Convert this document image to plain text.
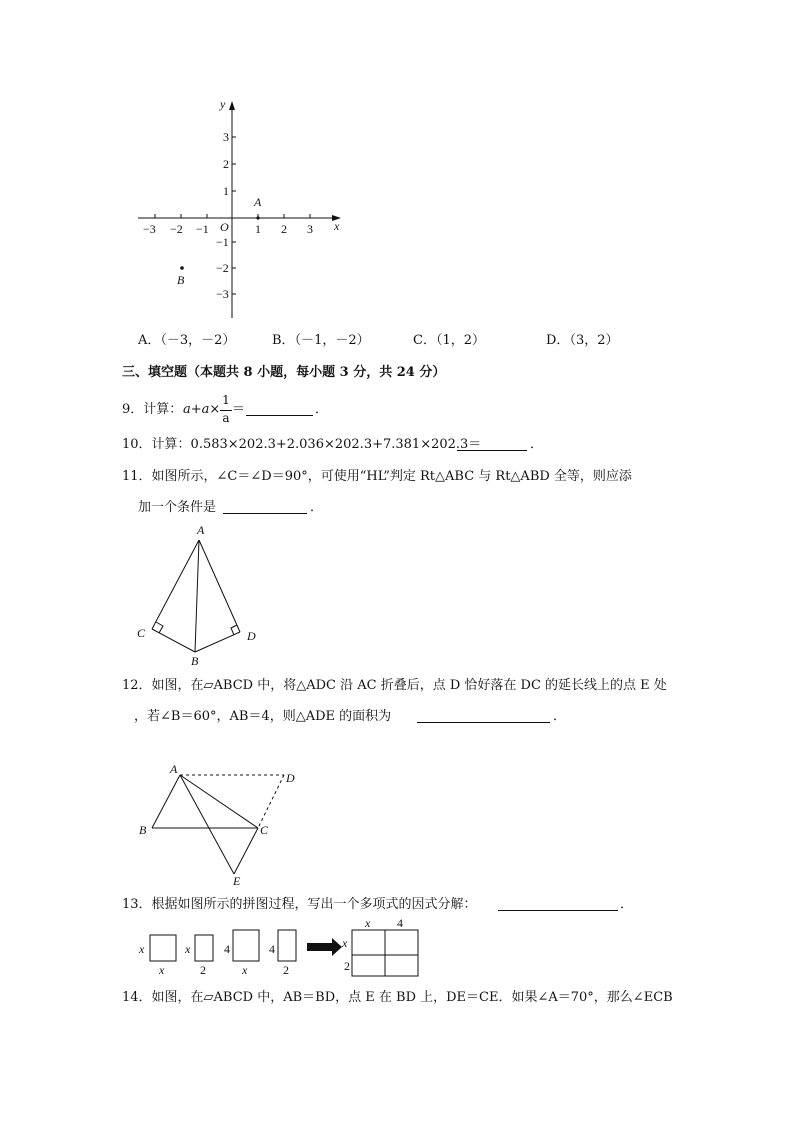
−3 −2 −1	1 2 3
3
2
1
−1
−2
−3
x
y
O
A
B
A
B
C	D
A
B	C
D
E
x
x
x
2
4
x
4
2
x 4
x
2
A．（－3，－2）	B．（－1，－2）	C．（1，2）	D．（3，2）
三、填空题（本题共 8 小题，每小题 3 分，共 24 分）
9．计算： a+a×
1
a
＝	．
10．计算：0.583×202.3+2.036×202.3+7.381×202.3＝	．
11．如图所示，∠C＝∠D＝90°，可使用“HL”判定 Rt△ABC 与 Rt△ABD 全等，则应添
加一个条件是	．
12．如图，在▱ABCD 中，将△ADC 沿 AC 折叠后，点 D 恰好落在 DC 的延长线上的点 E 处
，若∠B＝60°，AB＝4，则△ADE 的面积为	．
13．根据如图所示的拼图过程，写出一个多项式的因式分解：	．
14．如图，在▱ABCD 中，AB＝BD，点 E 在 BD 上，DE＝CE．如果∠A＝70°，那么∠ECB
